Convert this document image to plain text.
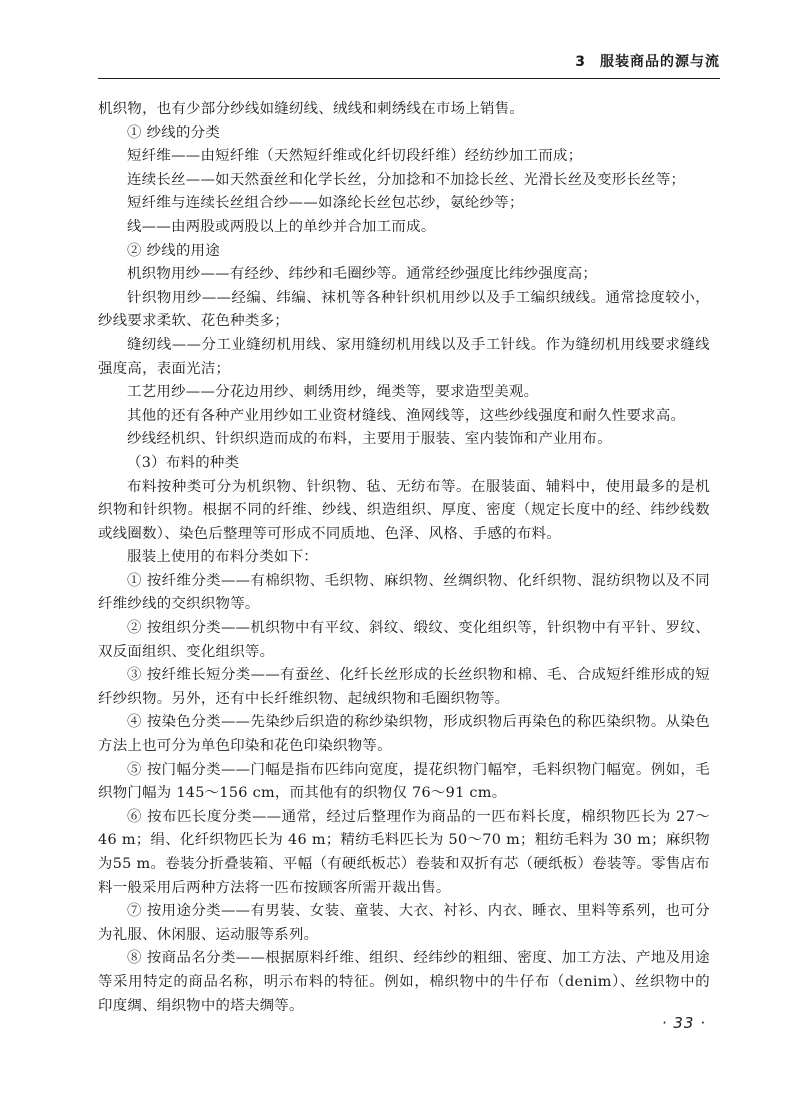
3 服装商品的源与流

机织物，也有少部分纱线如缝纫线、绒线和刺绣线在市场上销售。

① 纱线的分类

短纤维——由短纤维（天然短纤维或化纤切段纤维）经纺纱加工而成；

连续长丝——如天然蚕丝和化学长丝，分加捻和不加捻长丝、光滑长丝及变形长丝等；

短纤维与连续长丝组合纱——如涤纶长丝包芯纱，氨纶纱等；

线——由两股或两股以上的单纱并合加工而成。

② 纱线的用途

机织物用纱——有经纱、纬纱和毛圈纱等。通常经纱强度比纬纱强度高；

针织物用纱——经编、纬编、袜机等各种针织机用纱以及手工编织绒线。通常捻度较小，纱线要求柔软、花色种类多；

缝纫线——分工业缝纫机用线、家用缝纫机用线以及手工针线。作为缝纫机用线要求缝线强度高，表面光洁；

工艺用纱——分花边用纱、刺绣用纱，绳类等，要求造型美观。

其他的还有各种产业用纱如工业资材缝线、渔网线等，这些纱线强度和耐久性要求高。

纱线经机织、针织织造而成的布料，主要用于服装、室内装饰和产业用布。

（3）布料的种类

布料按种类可分为机织物、针织物、毡、无纺布等。在服装面、辅料中，使用最多的是机织物和针织物。根据不同的纤维、纱线、织造组织、厚度、密度（规定长度中的经、纬纱线数或线圈数）、染色后整理等可形成不同质地、色泽、风格、手感的布料。

服装上使用的布料分类如下：

① 按纤维分类——有棉织物、毛织物、麻织物、丝绸织物、化纤织物、混纺织物以及不同纤维纱线的交织织物等。

② 按组织分类——机织物中有平纹、斜纹、缎纹、变化组织等，针织物中有平针、罗纹、双反面组织、变化组织等。

③ 按纤维长短分类——有蚕丝、化纤长丝形成的长丝织物和棉、毛、合成短纤维形成的短纤纱织物。另外，还有中长纤维织物、起绒织物和毛圈织物等。

④ 按染色分类——先染纱后织造的称纱染织物，形成织物后再染色的称匹染织物。从染色方法上也可分为单色印染和花色印染织物等。

⑤ 按门幅分类——门幅是指布匹纬向宽度，提花织物门幅窄，毛料织物门幅宽。例如，毛织物门幅为 145～156 cm，而其他有的织物仅 76～91 cm。

⑥ 按布匹长度分类——通常，经过后整理作为商品的一匹布料长度，棉织物匹长为 27～46 m；绢、化纤织物匹长为 46 m；精纺毛料匹长为 50～70 m；粗纺毛料为 30 m；麻织物为55 m。卷装分折叠装箱、平幅（有硬纸板芯）卷装和双折有芯（硬纸板）卷装等。零售店布料一般采用后两种方法将一匹布按顾客所需开裁出售。

⑦ 按用途分类——有男装、女装、童装、大衣、衬衫、内衣、睡衣、里料等系列，也可分为礼服、休闲服、运动服等系列。

⑧ 按商品名分类——根据原料纤维、组织、经纬纱的粗细、密度、加工方法、产地及用途等采用特定的商品名称，明示布料的特征。例如，棉织物中的牛仔布（denim）、丝织物中的印度绸、绢织物中的塔夫绸等。

· 33 ·
